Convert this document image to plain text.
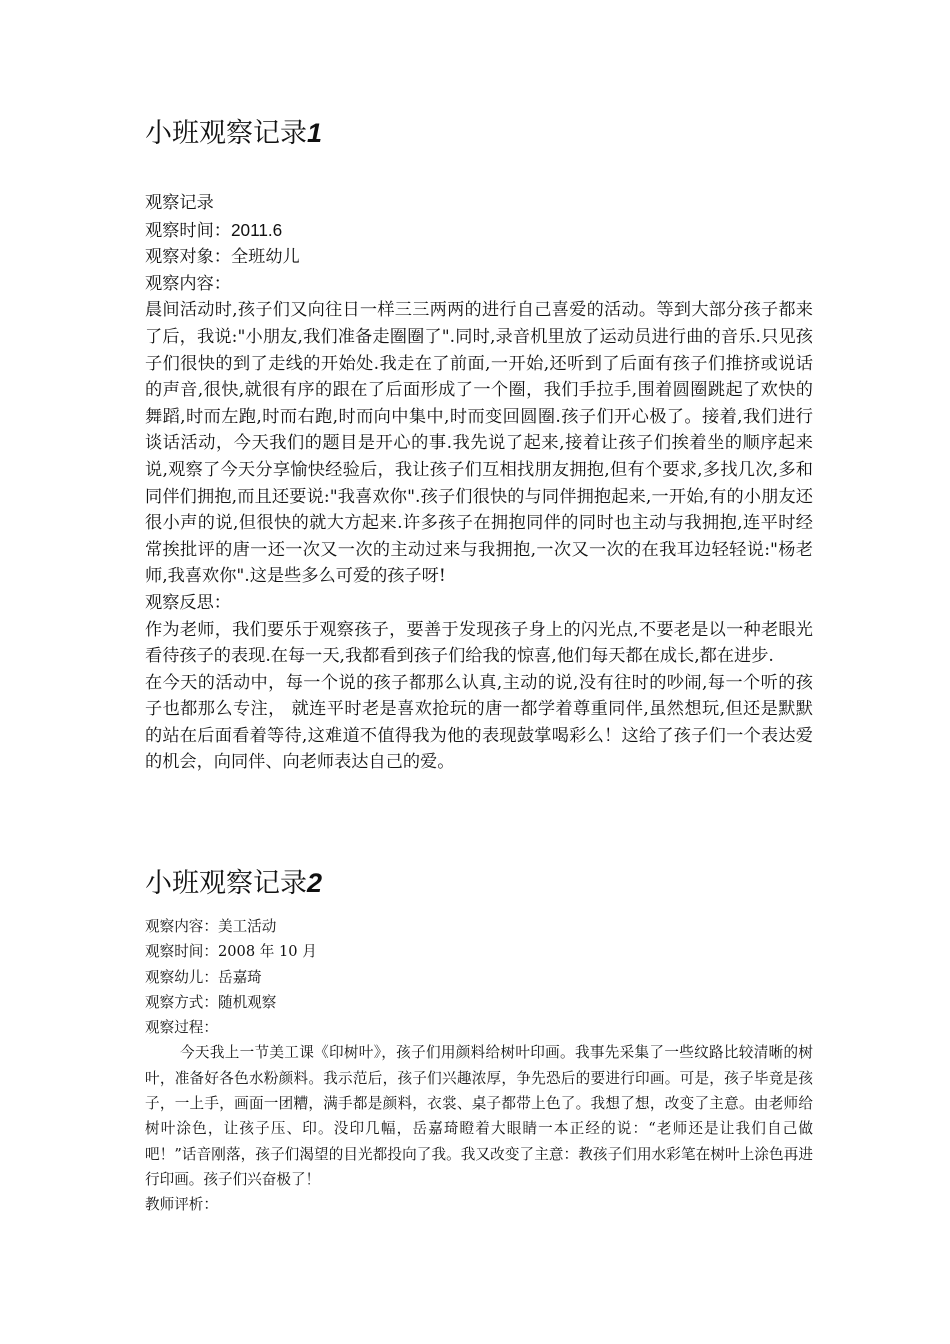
小班观察记录1

观察记录

观察时间：2011.6

观察对象：全班幼儿

观察内容：

晨间活动时,孩子们又向往日一样三三两两的进行自己喜爱的活动。等到大部分孩子都来了后，我说:"小朋友,我们准备走圈圈了".同时,录音机里放了运动员进行曲的音乐.只见孩子们很快的到了走线的开始处.我走在了前面,一开始,还听到了后面有孩子们推挤或说话的声音,很快,就很有序的跟在了后面形成了一个圈，我们手拉手,围着圆圈跳起了欢快的舞蹈,时而左跑,时而右跑,时而向中集中,时而变回圆圈.孩子们开心极了。接着,我们进行谈话活动，今天我们的题目是开心的事.我先说了起来,接着让孩子们挨着坐的顺序起来说,观察了今天分享愉快经验后，我让孩子们互相找朋友拥抱,但有个要求,多找几次,多和同伴们拥抱,而且还要说:"我喜欢你".孩子们很快的与同伴拥抱起来,一开始,有的小朋友还很小声的说,但很快的就大方起来.许多孩子在拥抱同伴的同时也主动与我拥抱,连平时经常挨批评的唐一还一次又一次的主动过来与我拥抱,一次又一次的在我耳边轻轻说:"杨老师,我喜欢你".这是些多么可爱的孩子呀!

观察反思：

作为老师，我们要乐于观察孩子，要善于发现孩子身上的闪光点,不要老是以一种老眼光看待孩子的表现.在每一天,我都看到孩子们给我的惊喜,他们每天都在成长,都在进步.

在今天的活动中，每一个说的孩子都那么认真,主动的说,没有往时的吵闹,每一个听的孩子也都那么专注， 就连平时老是喜欢抢玩的唐一都学着尊重同伴,虽然想玩,但还是默默的站在后面看着等待,这难道不值得我为他的表现鼓掌喝彩么！这给了孩子们一个表达爱的机会，向同伴、向老师表达自己的爱。

小班观察记录2

观察内容：美工活动

观察时间：2008 年 10 月

观察幼儿：岳嘉琦

观察方式：随机观察

观察过程：

今天我上一节美工课《印树叶》，孩子们用颜料给树叶印画。我事先采集了一些纹路比较清晰的树叶，准备好各色水粉颜料。我示范后，孩子们兴趣浓厚，争先恐后的要进行印画。可是，孩子毕竟是孩子，一上手，画面一团糟，满手都是颜料，衣裳、桌子都带上色了。我想了想，改变了主意。由老师给树叶涂色，让孩子压、印。没印几幅，岳嘉琦瞪着大眼睛一本正经的说：“老师还是让我们自己做吧！”话音刚落，孩子们渴望的目光都投向了我。我又改变了主意：教孩子们用水彩笔在树叶上涂色再进行印画。孩子们兴奋极了！

教师评析：
